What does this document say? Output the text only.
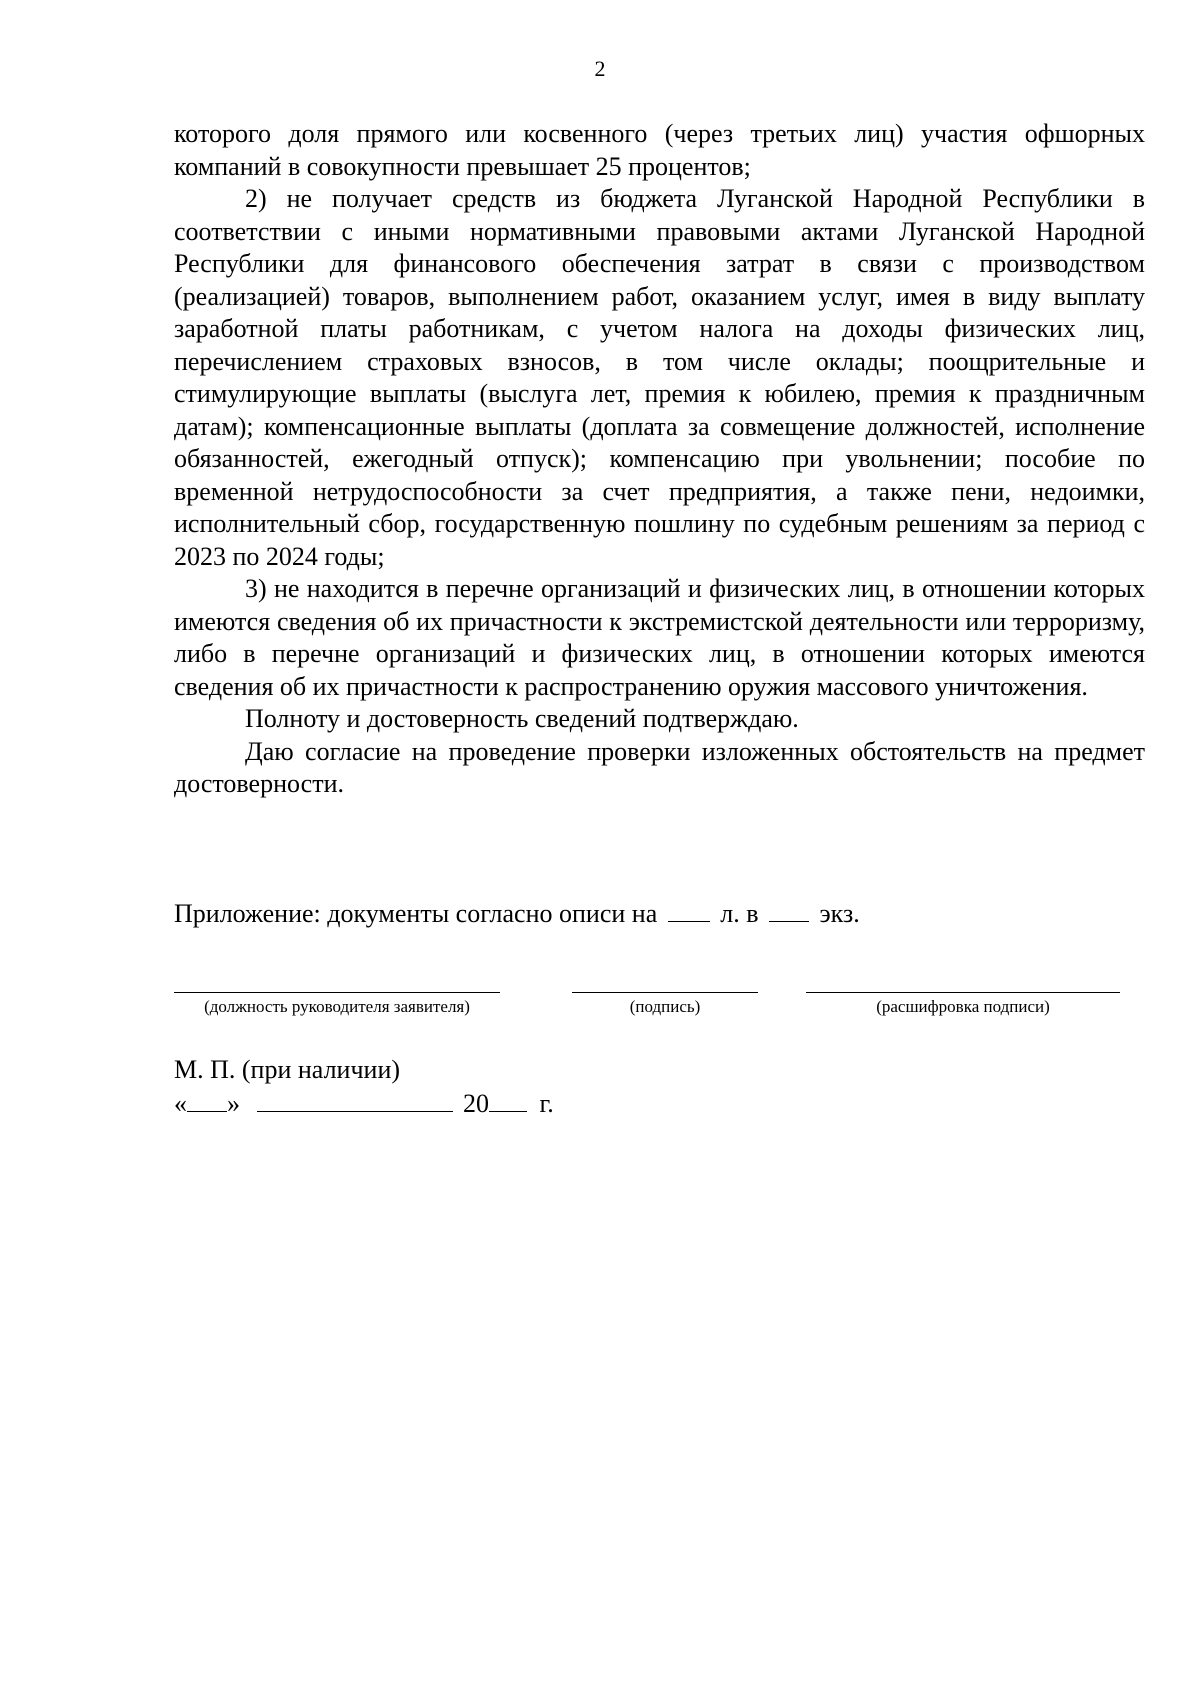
2

которого доля прямого или косвенного (через третьих лиц) участия офшорных компаний в совокупности превышает 25 процентов;

2) не получает средств из бюджета Луганской Народной Республики в соответствии с иными нормативными правовыми актами Луганской Народной Республики для финансового обеспечения затрат в связи с производством (реализацией) товаров, выполнением работ, оказанием услуг, имея в виду выплату заработной платы работникам, с учетом налога на доходы физических лиц, перечислением страховых взносов, в том числе оклады; поощрительные и стимулирующие выплаты (выслуга лет, премия к юбилею, премия к праздничным датам); компенсационные выплаты (доплата за совмещение должностей, исполнение обязанностей, ежегодный отпуск); компенсацию при увольнении; пособие по временной нетрудоспособности за счет предприятия, а также пени, недоимки, исполнительный сбор, государственную пошлину по судебным решениям за период с 2023 по 2024 годы;

3) не находится в перечне организаций и физических лиц, в отношении которых имеются сведения об их причастности к экстремистской деятельности или терроризму, либо в перечне организаций и физических лиц, в отношении которых имеются сведения об их причастности к распространению оружия массового уничтожения.

Полноту и достоверность сведений подтверждаю.

Даю согласие на проведение проверки изложенных обстоятельств на предмет достоверности.

Приложение: документы согласно описи на л. в экз.
(должность руководителя заявителя)	(подпись)	(расшифровка подписи)
М. П. (при наличии)
« »	20 г.
